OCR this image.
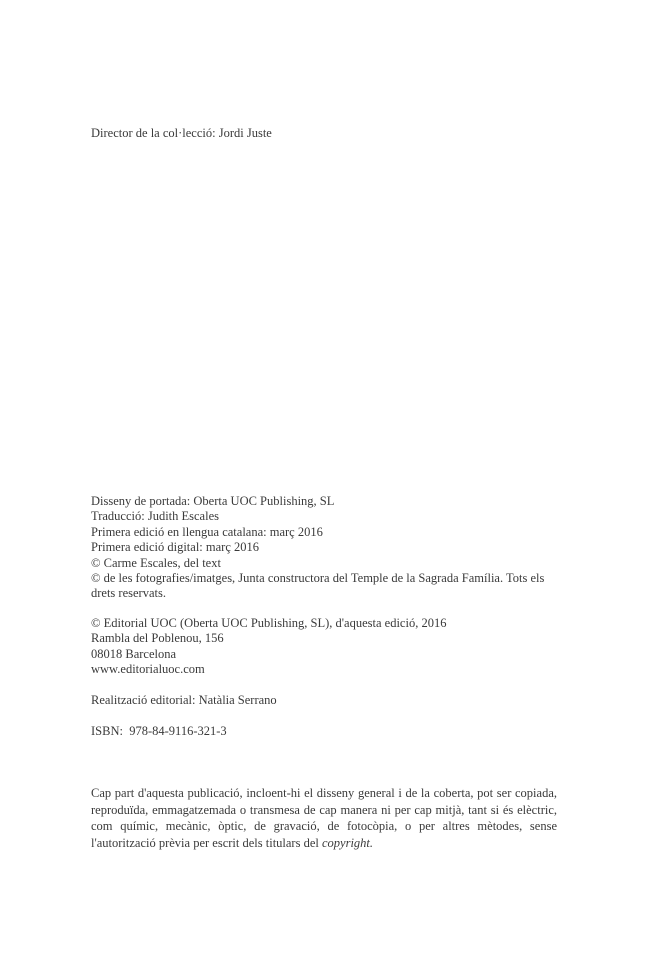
Director de la col·lecció: Jordi Juste
Disseny de portada: Oberta UOC Publishing, SL
Traducció: Judith Escales
Primera edició en llengua catalana: març 2016
Primera edició digital: març 2016
© Carme Escales, del text
© de les fotografies/imatges, Junta constructora del Temple de la Sagrada Família. Tots els drets reservats.
© Editorial UOC (Oberta UOC Publishing, SL), d'aquesta edició, 2016
Rambla del Poblenou, 156
08018 Barcelona
www.editorialuoc.com
Realització editorial: Natàlia Serrano
ISBN:  978-84-9116-321-3
Cap part d'aquesta publicació, incloent-hi el disseny general i de la coberta, pot ser copiada, reproduïda, emmagatzemada o transmesa de cap manera ni per cap mitjà, tant si és elèctric, com químic, mecànic, òptic, de gravació, de fotocòpia, o per altres mètodes, sense l'autorització prèvia per escrit dels titulars del copyright.
